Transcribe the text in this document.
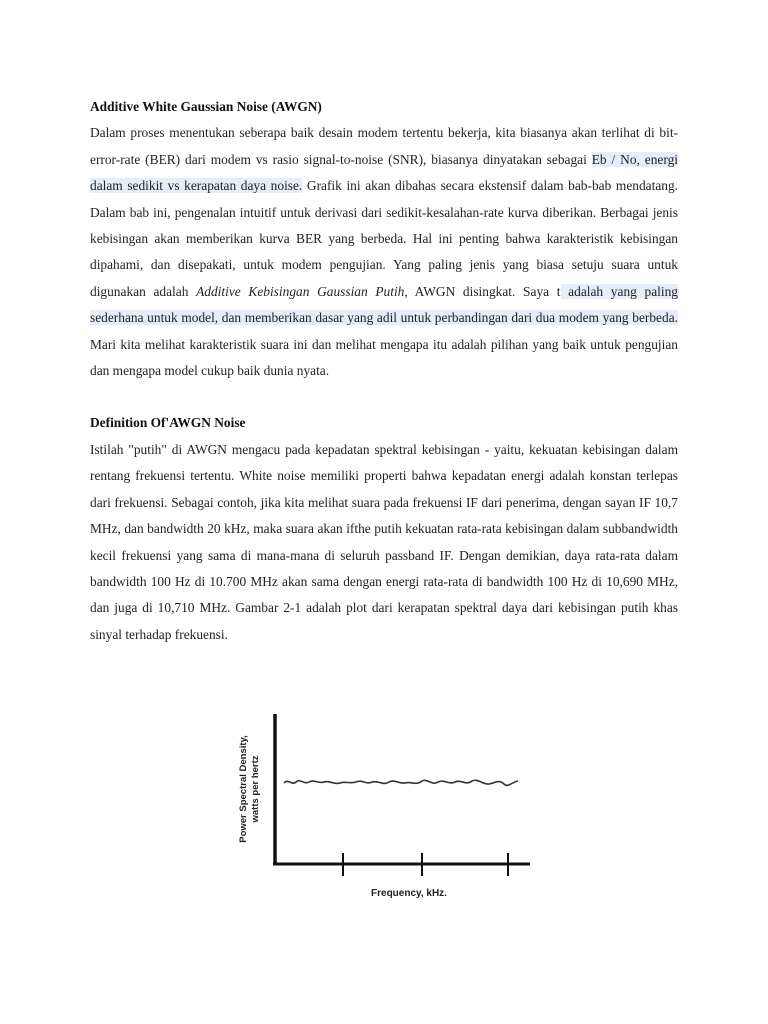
Additive White Gaussian Noise (AWGN)

Dalam proses menentukan seberapa baik desain modem tertentu bekerja, kita biasanya akan terlihat di bit-error-rate (BER) dari modem vs rasio signal-to-noise (SNR), biasanya dinyatakan sebagai Eb / No, energi dalam sedikit vs kerapatan daya noise. Grafik ini akan dibahas secara ekstensif dalam bab-bab mendatang. Dalam bab ini, pengenalan intuitif untuk derivasi dari sedikit-kesalahan-rate kurva diberikan. Berbagai jenis kebisingan akan memberikan kurva BER yang berbeda. Hal ini penting bahwa karakteristik kebisingan dipahami, dan disepakati, untuk modem pengujian. Yang paling jenis yang biasa setuju suara untuk digunakan adalah Additive Kebisingan Gaussian Putih, AWGN disingkat. Saya t adalah yang paling sederhana untuk model, dan memberikan dasar yang adil untuk perbandingan dari dua modem yang berbeda. Mari kita melihat karakteristik suara ini dan melihat mengapa itu adalah pilihan yang baik untuk pengujian dan mengapa model cukup baik dunia nyata.

Definition Of'AWGN Noise

Istilah "putih" di AWGN mengacu pada kepadatan spektral kebisingan - yaitu, kekuatan kebisingan dalam rentang frekuensi tertentu. White noise memiliki properti bahwa kepadatan energi adalah konstan terlepas dari frekuensi. Sebagai contoh, jika kita melihat suara pada frekuensi IF dari penerima, dengan sayan IF 10,7 MHz, dan bandwidth 20 kHz, maka suara akan ifthe putih kekuatan rata-rata kebisingan dalam subbandwidth kecil frekuensi yang sama di mana-mana di seluruh passband IF. Dengan demikian, daya rata-rata dalam bandwidth 100 Hz di 10.700 MHz akan sama dengan energi rata-rata di bandwidth 100 Hz di 10,690 MHz, dan juga di 10,710 MHz. Gambar 2-1 adalah plot dari kerapatan spektral daya dari kebisingan putih khas sinyal terhadap frekuensi.

Power Spectral Density, watts per hertz
Frequency, kHz.
